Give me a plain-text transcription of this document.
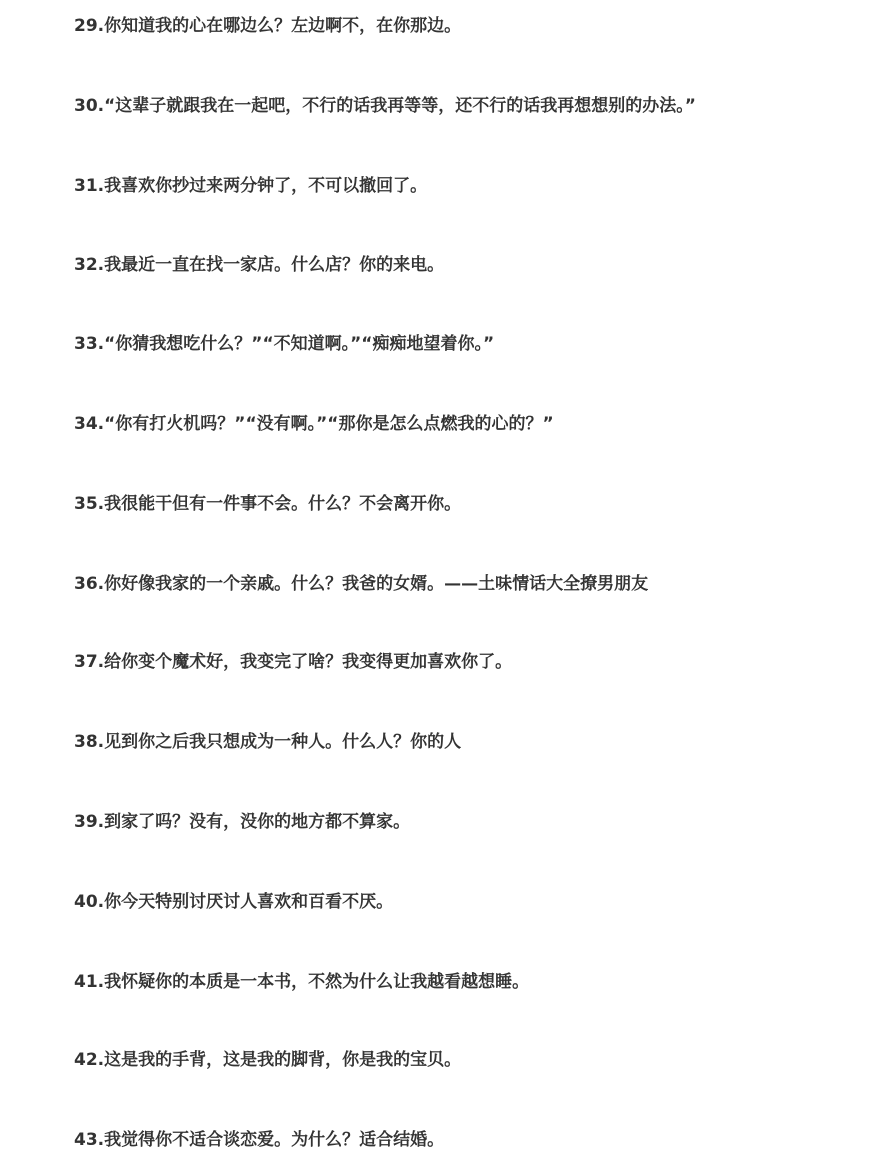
29.你知道我的心在哪边么？左边啊不，在你那边。

30.“这辈子就跟我在一起吧，不行的话我再等等，还不行的话我再想想别的办法。”

31.我喜欢你抄过来两分钟了，不可以撤回了。

32.我最近一直在找一家店。什么店？你的来电。

33.“你猜我想吃什么？”“不知道啊。”“痴痴地望着你。”

34.“你有打火机吗？”“没有啊。”“那你是怎么点燃我的心的？”

35.我很能干但有一件事不会。什么？不会离开你。

36.你好像我家的一个亲戚。什么？我爸的女婿。——土味情话大全撩男朋友

37.给你变个魔术好，我变完了啥？我变得更加喜欢你了。

38.见到你之后我只想成为一种人。什么人？你的人

39.到家了吗？没有，没你的地方都不算家。

40.你今天特别讨厌讨人喜欢和百看不厌。

41.我怀疑你的本质是一本书，不然为什么让我越看越想睡。

42.这是我的手背，这是我的脚背，你是我的宝贝。

43.我觉得你不适合谈恋爱。为什么？适合结婚。
